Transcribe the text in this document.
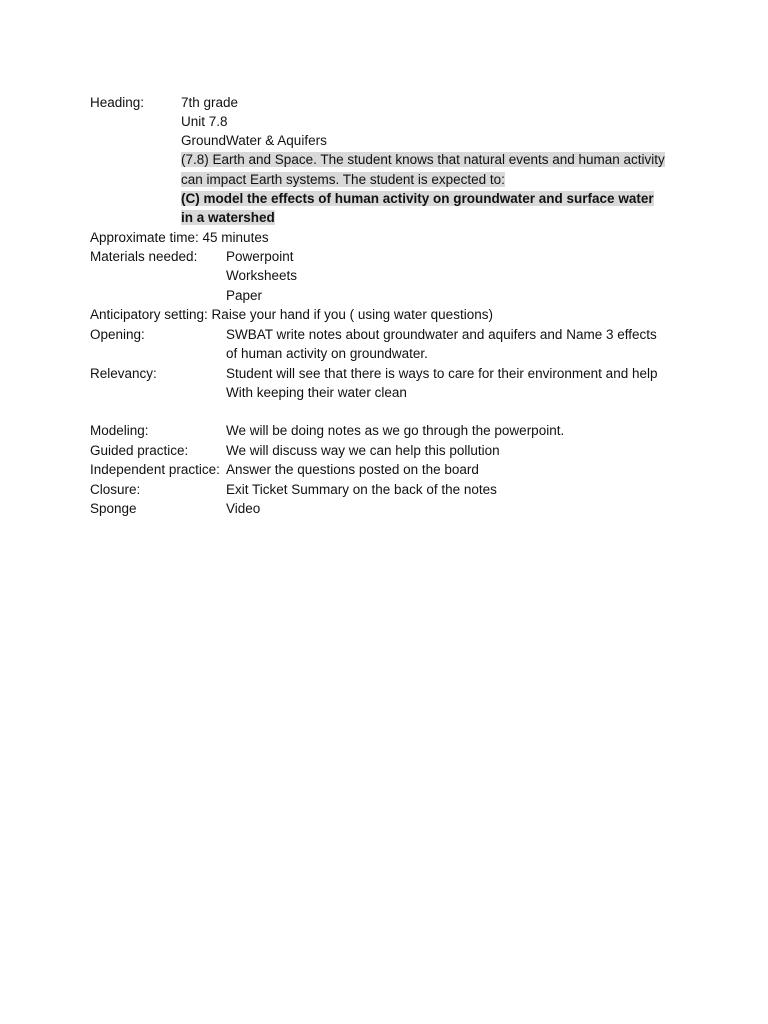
Heading:	7th grade
Unit 7.8
GroundWater & Aquifers
(7.8) Earth and Space. The student knows that natural events and human activity
can impact Earth systems. The student is expected to:
(C) model the effects of human activity on groundwater and surface water
in a watershed
Approximate time: 45 minutes
Materials needed: Powerpoint
Worksheets
Paper
Anticipatory setting: Raise your hand if you ( using water questions)
Opening:	SWBAT write notes about groundwater and aquifers and Name 3 effects
of human activity on groundwater.
Relevancy:	Student will see that there is ways to care for their environment and help
With keeping their water clean
Modeling:	We will be doing notes as we go through the powerpoint.
Guided practice:	We will discuss way we can help this pollution
Independent practice: Answer the questions posted on the board
Closure:	Exit Ticket Summary on the back of the notes
Sponge	Video
